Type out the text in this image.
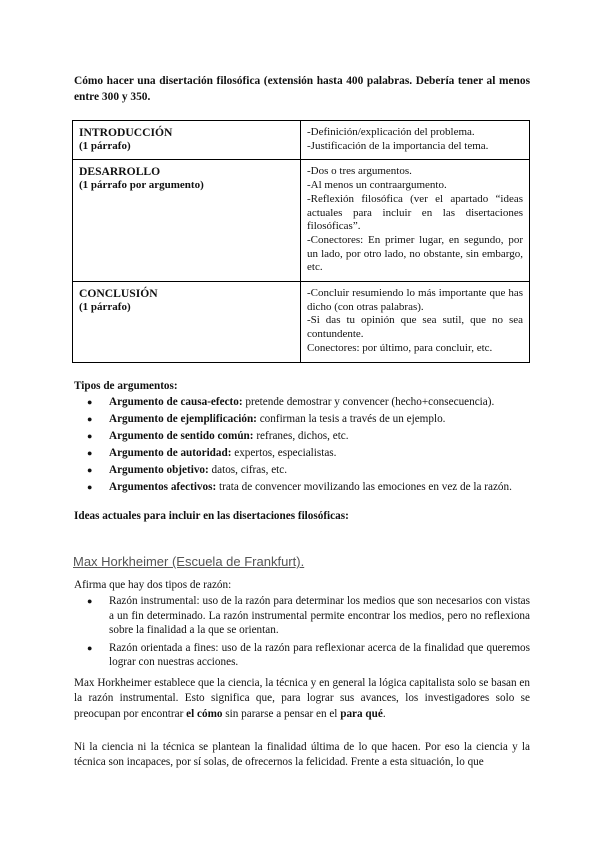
Cómo hacer una disertación filosófica (extensión hasta 400 palabras. Debería tener al menos entre 300 y 350.
INTRODUCCIÓN
(1 párrafo)	-Definición/explicación del problema.
-Justificación de la importancia del tema.

DESARROLLO
(1 párrafo por argumento)	-Dos o tres argumentos.
-Al menos un contraargumento.
-Reflexión filosófica (ver el apartado “ideas actuales para incluir en las disertaciones filosóficas”.
-Conectores: En primer lugar, en segundo, por un lado, por otro lado, no obstante, sin embargo, etc.

CONCLUSIÓN
(1 párrafo)	-Concluir resumiendo lo más importante que has dicho (con otras palabras).
-Si das tu opinión que sea sutil, que no sea contundente.
Conectores: por último, para concluir, etc.
Tipos de argumentos:
● Argumento de causa-efecto: pretende demostrar y convencer (hecho+consecuencia).
● Argumento de ejemplificación: confirman la tesis a través de un ejemplo.
● Argumento de sentido común: refranes, dichos, etc.
● Argumento de autoridad: expertos, especialistas.
● Argumento objetivo: datos, cifras, etc.
● Argumentos afectivos: trata de convencer movilizando las emociones en vez de la razón.
Ideas actuales para incluir en las disertaciones filosóficas:
Max Horkheimer (Escuela de Frankfurt).
Afirma que hay dos tipos de razón:
● Razón instrumental: uso de la razón para determinar los medios que son necesarios con vistas a un fin determinado. La razón instrumental permite encontrar los medios, pero no reflexiona sobre la finalidad a la que se orientan.
● Razón orientada a fines: uso de la razón para reflexionar acerca de la finalidad que queremos lograr con nuestras acciones.
Max Horkheimer establece que la ciencia, la técnica y en general la lógica capitalista solo se basan en la razón instrumental. Esto significa que, para lograr sus avances, los investigadores solo se preocupan por encontrar el cómo sin pararse a pensar en el para qué.
Ni la ciencia ni la técnica se plantean la finalidad última de lo que hacen. Por eso la ciencia y la técnica son incapaces, por sí solas, de ofrecernos la felicidad. Frente a esta situación, lo que
